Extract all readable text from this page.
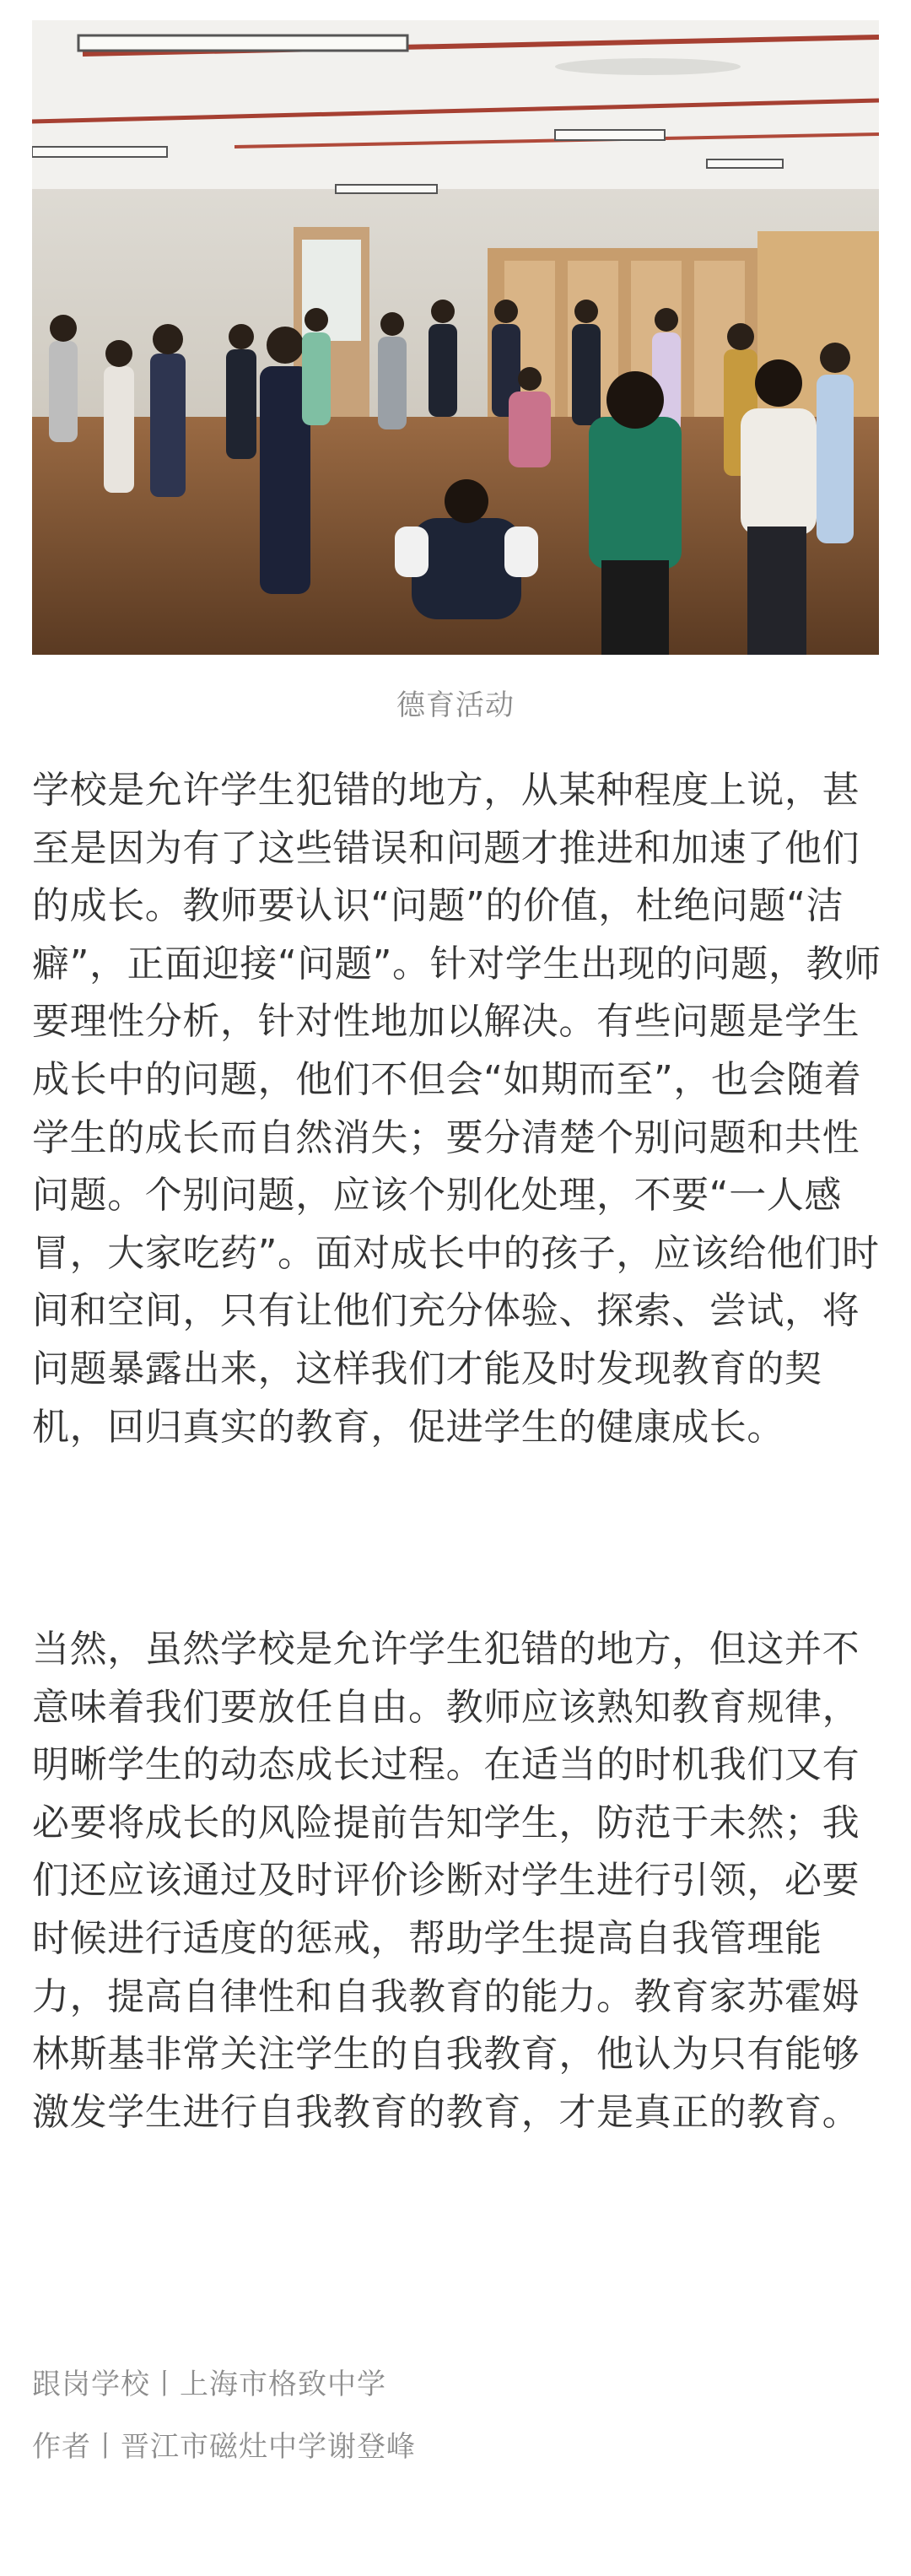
德育活动

学校是允许学生犯错的地方，从某种程度上说，甚至是因为有了这些错误和问题才推进和加速了他们的成长。教师要认识“问题”的价值，杜绝问题“洁癖”，正面迎接“问题”。针对学生出现的问题，教师要理性分析，针对性地加以解决。有些问题是学生成长中的问题，他们不但会“如期而至”，也会随着学生的成长而自然消失；要分清楚个别问题和共性问题。个别问题，应该个别化处理，不要“一人感冒，大家吃药”。面对成长中的孩子，应该给他们时间和空间，只有让他们充分体验、探索、尝试，将问题暴露出来，这样我们才能及时发现教育的契机，回归真实的教育，促进学生的健康成长。

当然，虽然学校是允许学生犯错的地方，但这并不意味着我们要放任自由。教师应该熟知教育规律，明晰学生的动态成长过程。在适当的时机我们又有必要将成长的风险提前告知学生，防范于未然；我们还应该通过及时评价诊断对学生进行引领，必要时候进行适度的惩戒，帮助学生提高自我管理能力，提高自律性和自我教育的能力。教育家苏霍姆林斯基非常关注学生的自我教育，他认为只有能够激发学生进行自我教育的教育，才是真正的教育。

跟岗学校丨上海市格致中学
作者丨晋江市磁灶中学谢登峰
